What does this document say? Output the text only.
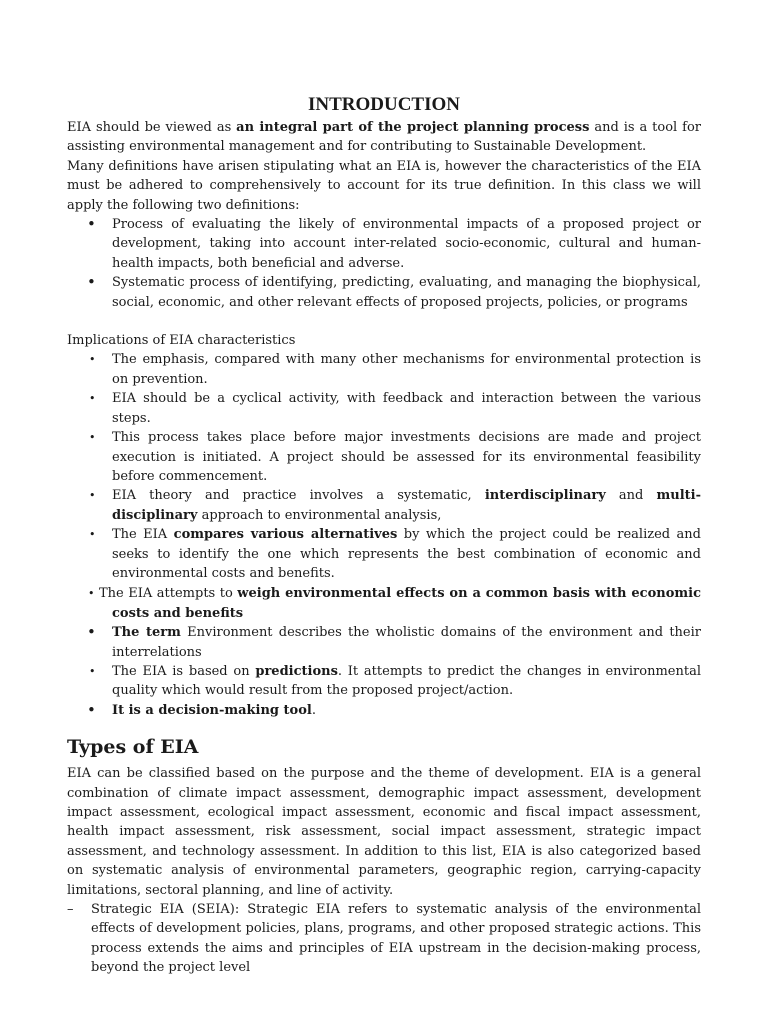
INTRODUCTION

EIA should be viewed as an integral part of the project planning process and is a tool for assisting environmental management and for contributing to Sustainable Development.

Many definitions have arisen stipulating what an EIA is, however the characteristics of the EIA must be adhered to comprehensively to account for its true definition. In this class we will apply the following two definitions:

• Process of evaluating the likely of environmental impacts of a proposed project or development, taking into account inter-related socio-economic, cultural and human-health impacts, both beneficial and adverse.
• Systematic process of identifying, predicting, evaluating, and managing the biophysical, social, economic, and other relevant effects of proposed projects, policies, or programs

Implications of EIA characteristics

• The emphasis, compared with many other mechanisms for environmental protection is on prevention.
• EIA should be a cyclical activity, with feedback and interaction between the various steps.
• This process takes place before major investments decisions are made and project execution is initiated. A project should be assessed for its environmental feasibility before commencement.
• EIA theory and practice involves a systematic, interdisciplinary and multi-disciplinary approach to environmental analysis,
• The EIA compares various alternatives by which the project could be realized and seeks to identify the one which represents the best combination of economic and environmental costs and benefits.
• The EIA attempts to weigh environmental effects on a common basis with economic costs and benefits
• The term Environment describes the wholistic domains of the environment and their interrelations
• The EIA is based on predictions. It attempts to predict the changes in environmental quality which would result from the proposed project/action.
• It is a decision-making tool.
Types of EIA

EIA can be classified based on the purpose and the theme of development. EIA is a general combination of climate impact assessment, demographic impact assessment, development impact assessment, ecological impact assessment, economic and fiscal impact assessment, health impact assessment, risk assessment, social impact assessment, strategic impact assessment, and technology assessment. In addition to this list, EIA is also categorized based on systematic analysis of environmental parameters, geographic region, carrying-capacity limitations, sectoral planning, and line of activity.

– Strategic EIA (SEIA): Strategic EIA refers to systematic analysis of the environmental effects of development policies, plans, programs, and other proposed strategic actions. This process extends the aims and principles of EIA upstream in the decision-making process, beyond the project level
